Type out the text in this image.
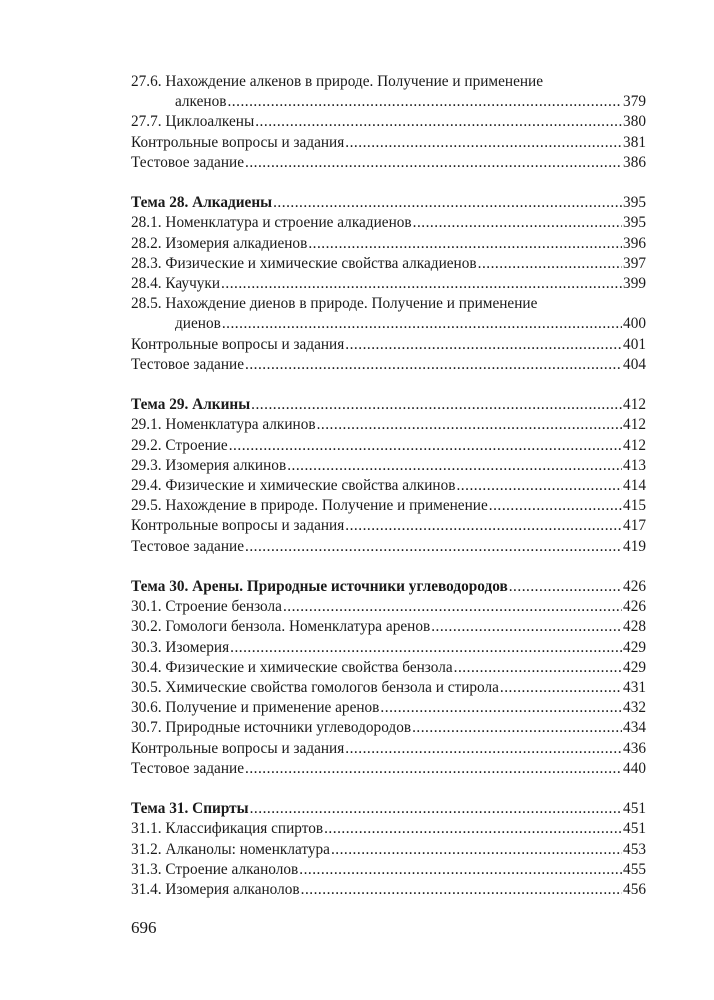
27.6. Нахождение алкенов в природе. Получение и применение
алкенов .....	379
27.7. Циклоалкены .....	380
Контрольные вопросы и задания .....	381
Тестовое задание .....	386
Тема 28. Алкадиены .....	395
28.1. Номенклатура и строение алкадиенов .....	395
28.2. Изомерия алкадиенов .....	396
28.3. Физические и химические свойства алкадиенов .....	397
28.4. Каучуки .....	399
28.5. Нахождение диенов в природе. Получение и применение
диенов .....	400
Контрольные вопросы и задания .....	401
Тестовое задание .....	404
Тема 29. Алкины .....	412
29.1. Номенклатура алкинов .....	412
29.2. Строение .....	412
29.3. Изомерия алкинов .....	413
29.4. Физические и химические свойства алкинов .....	414
29.5. Нахождение в природе. Получение и применение .....	415
Контрольные вопросы и задания .....	417
Тестовое задание .....	419
Тема 30. Арены. Природные источники углеводородов .....	426
30.1. Строение бензола .....	426
30.2. Гомологи бензола. Номенклатура аренов .....	428
30.3. Изомерия .....	429
30.4. Физические и химические свойства бензола .....	429
30.5. Химические свойства гомологов бензола и стирола .....	431
30.6. Получение и применение аренов .....	432
30.7. Природные источники углеводородов .....	434
Контрольные вопросы и задания .....	436
Тестовое задание .....	440
Тема 31. Спирты .....	451
31.1. Классификация спиртов .....	451
31.2. Алканолы: номенклатура .....	453
31.3. Строение алканолов .....	455
31.4. Изомерия алканолов .....	456
696
